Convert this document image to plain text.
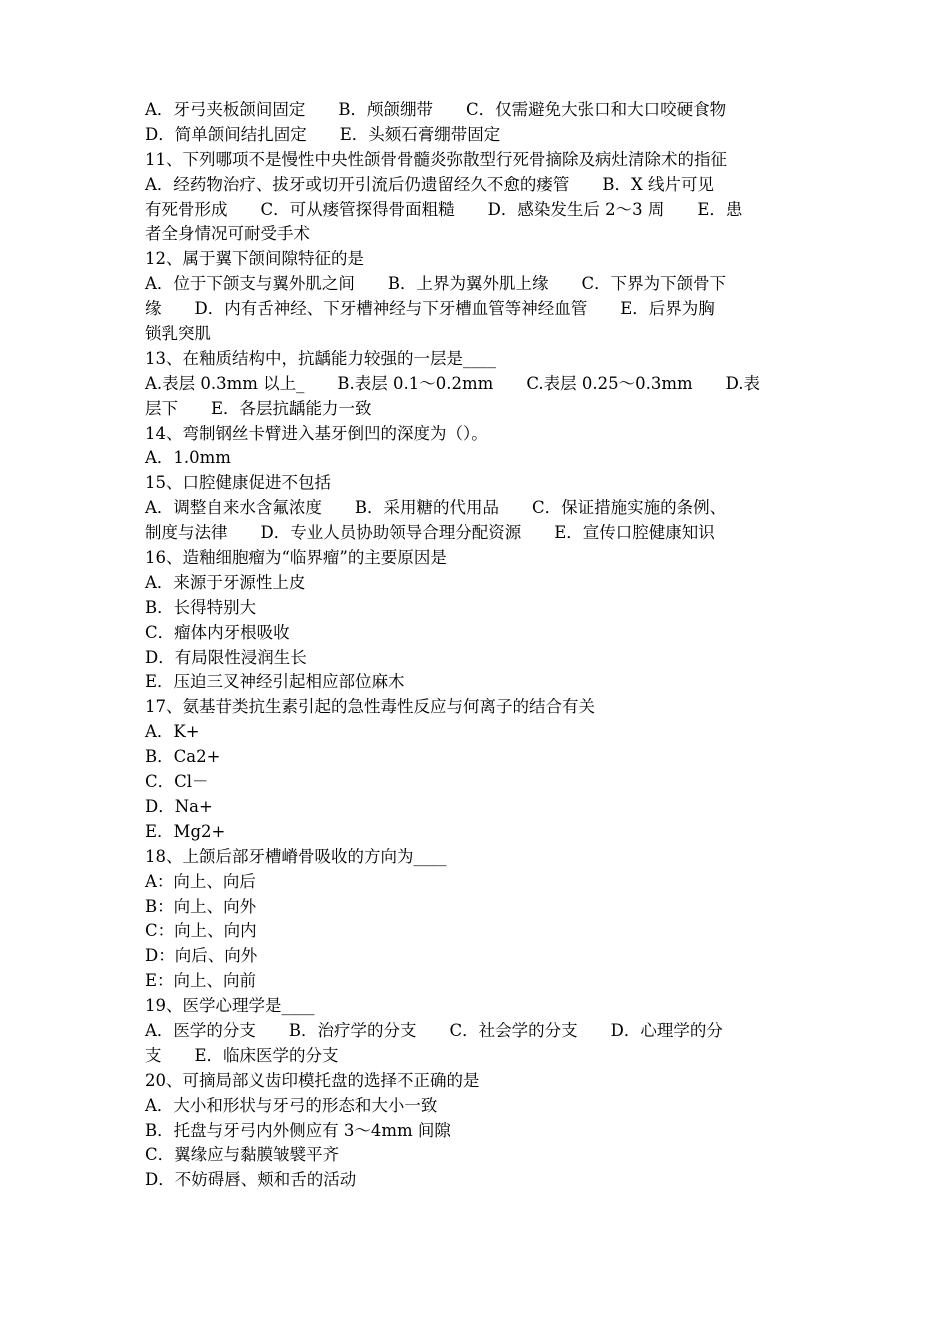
A．牙弓夹板颌间固定　　B．颅颌绷带　　C．仅需避免大张口和大口咬硬食物
D．简单颌间结扎固定　　E．头颏石膏绷带固定
11、下列哪项不是慢性中央性颌骨骨髓炎弥散型行死骨摘除及病灶清除术的指征
A．经药物治疗、拔牙或切开引流后仍遗留经久不愈的瘘管　　B．X 线片可见
有死骨形成　　C．可从瘘管探得骨面粗糙　　D．感染发生后 2～3 周　　E．患
者全身情况可耐受手术
12、属于翼下颌间隙特征的是
A．位于下颌支与翼外肌之间　　B．上界为翼外肌上缘　　C．下界为下颌骨下
缘　　D．内有舌神经、下牙槽神经与下牙槽血管等神经血管　　E．后界为胸
锁乳突肌
13、在釉质结构中，抗龋能力较强的一层是____
A.表层 0.3mm 以上_　　B.表层 0.1～0.2mm　　C.表层 0.25～0.3mm　　D.表
层下　　E．各层抗龋能力一致
14、弯制钢丝卡臂进入基牙倒凹的深度为（）。
A．1.0mm
15、口腔健康促进不包括
A．调整自来水含氟浓度　　B．采用糖的代用品　　C．保证措施实施的条例、
制度与法律　　D．专业人员协助领导合理分配资源　　E．宣传口腔健康知识
16、造釉细胞瘤为“临界瘤”的主要原因是
A．来源于牙源性上皮
B．长得特别大
C．瘤体内牙根吸收
D．有局限性浸润生长
E．压迫三叉神经引起相应部位麻木
17、氨基苷类抗生素引起的急性毒性反应与何离子的结合有关
A．K+
B．Ca2+
C．Cl－
D．Na+
E．Mg2+
18、上颌后部牙槽嵴骨吸收的方向为____
A：向上、向后
B：向上、向外
C：向上、向内
D：向后、向外
E：向上、向前
19、医学心理学是____
A．医学的分支　　B．治疗学的分支　　C．社会学的分支　　D．心理学的分
支　　E．临床医学的分支
20、可摘局部义齿印模托盘的选择不正确的是
A．大小和形状与牙弓的形态和大小一致
B．托盘与牙弓内外侧应有 3～4mm 间隙
C．翼缘应与黏膜皱襞平齐
D．不妨碍唇、颊和舌的活动
